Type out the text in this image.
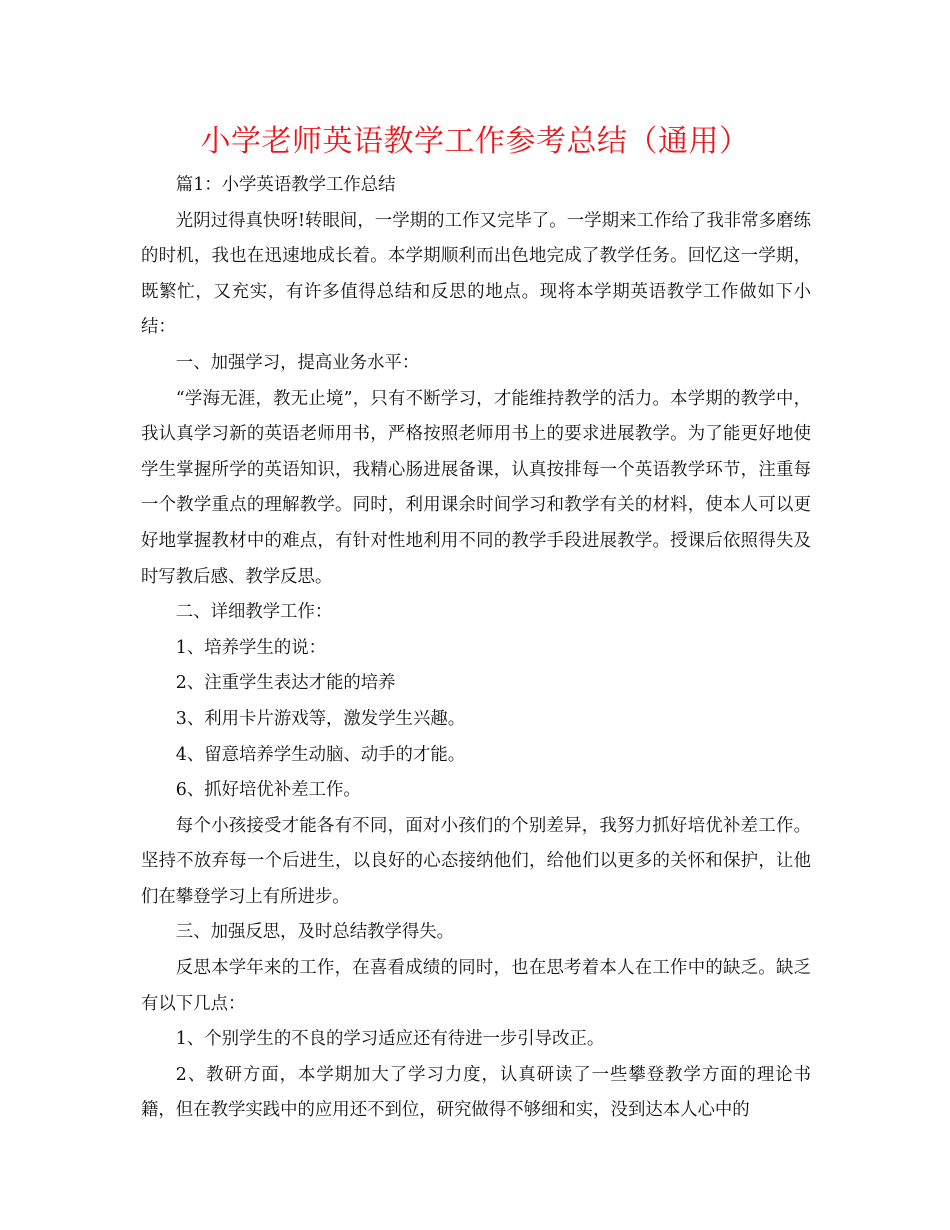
小学老师英语教学工作参考总结（通用）

篇1：小学英语教学工作总结

光阴过得真快呀!转眼间，一学期的工作又完毕了。一学期来工作给了我非常多磨练的时机，我也在迅速地成长着。本学期顺利而出色地完成了教学任务。回忆这一学期，既繁忙，又充实，有许多值得总结和反思的地点。现将本学期英语教学工作做如下小结：

一、加强学习，提高业务水平：

“学海无涯，教无止境”，只有不断学习，才能维持教学的活力。本学期的教学中，我认真学习新的英语老师用书，严格按照老师用书上的要求进展教学。为了能更好地使学生掌握所学的英语知识，我精心肠进展备课，认真按排每一个英语教学环节，注重每一个教学重点的理解教学。同时，利用课余时间学习和教学有关的材料，使本人可以更好地掌握教材中的难点，有针对性地利用不同的教学手段进展教学。授课后依照得失及时写教后感、教学反思。

二、详细教学工作：

1、培养学生的说：

2、注重学生表达才能的培养

3、利用卡片游戏等，激发学生兴趣。

4、留意培养学生动脑、动手的才能。

6、抓好培优补差工作。

每个小孩接受才能各有不同，面对小孩们的个别差异，我努力抓好培优补差工作。坚持不放弃每一个后进生，以良好的心态接纳他们，给他们以更多的关怀和保护，让他们在攀登学习上有所进步。

三、加强反思，及时总结教学得失。

反思本学年来的工作，在喜看成绩的同时，也在思考着本人在工作中的缺乏。缺乏有以下几点：

1、个别学生的不良的学习适应还有待进一步引导改正。

2、教研方面，本学期加大了学习力度，认真研读了一些攀登教学方面的理论书籍，但在教学实践中的应用还不到位，研究做得不够细和实，没到达本人心中的
